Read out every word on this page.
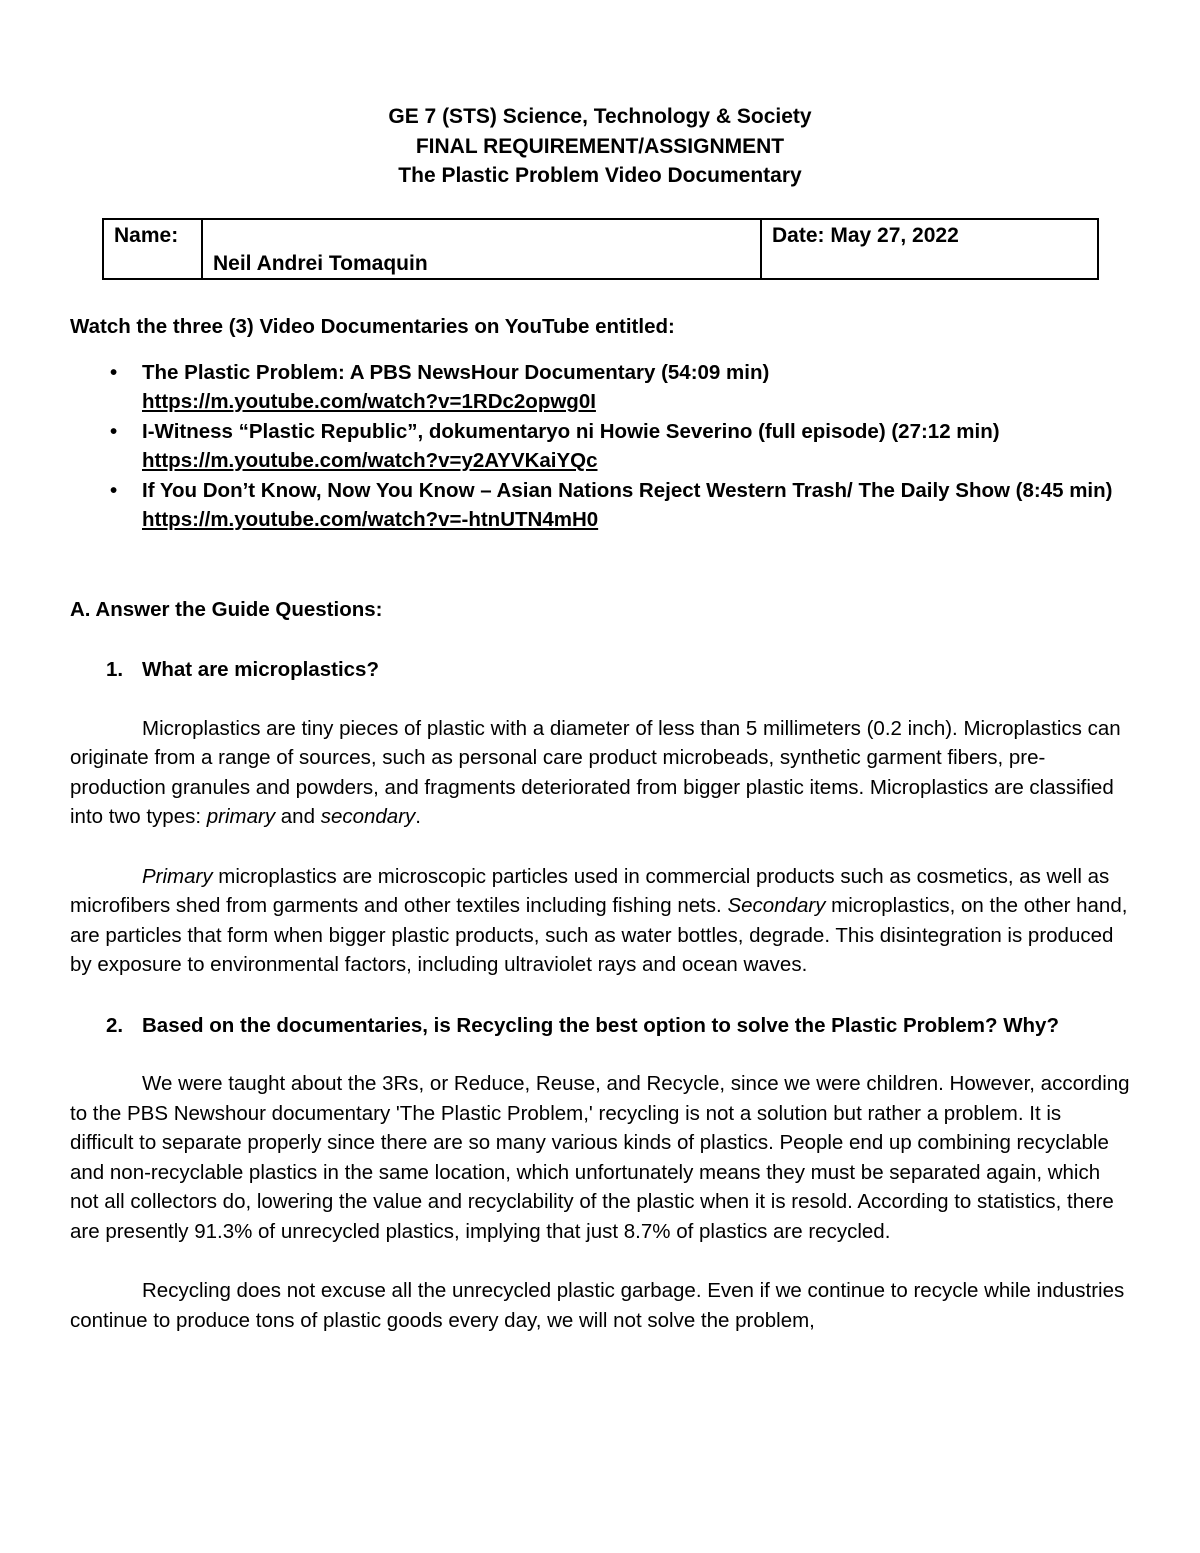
GE 7 (STS) Science, Technology & Society
FINAL REQUIREMENT/ASSIGNMENT
The Plastic Problem Video Documentary
Name:	
Neil Andrei Tomaquin
	Date: May 27, 2022

Watch the three (3) Video Documentaries on YouTube entitled:

• The Plastic Problem: A PBS NewsHour Documentary (54:09 min)
https://m.youtube.com/watch?v=1RDc2opwg0I
• I-Witness “Plastic Republic”, dokumentaryo ni Howie Severino (full episode) (27:12 min) https://m.youtube.com/watch?v=y2AYVKaiYQc
• If You Don’t Know, Now You Know – Asian Nations Reject Western Trash/ The Daily Show (8:45 min) https://m.youtube.com/watch?v=-htnUTN4mH0
A. Answer the Guide Questions:
1. What are microplastics?

Microplastics are tiny pieces of plastic with a diameter of less than 5 millimeters (0.2 inch). Microplastics can originate from a range of sources, such as personal care product microbeads, synthetic garment fibers, pre-production granules and powders, and fragments deteriorated from bigger plastic items. Microplastics are classified into two types: primary and secondary.

Primary microplastics are microscopic particles used in commercial products such as cosmetics, as well as microfibers shed from garments and other textiles including fishing nets. Secondary microplastics, on the other hand, are particles that form when bigger plastic products, such as water bottles, degrade. This disintegration is produced by exposure to environmental factors, including ultraviolet rays and ocean waves.

2. Based on the documentaries, is Recycling the best option to solve the Plastic Problem? Why?

We were taught about the 3Rs, or Reduce, Reuse, and Recycle, since we were children. However, according to the PBS Newshour documentary 'The Plastic Problem,' recycling is not a solution but rather a problem. It is difficult to separate properly since there are so many various kinds of plastics. People end up combining recyclable and non-recyclable plastics in the same location, which unfortunately means they must be separated again, which not all collectors do, lowering the value and recyclability of the plastic when it is resold. According to statistics, there are presently 91.3% of unrecycled plastics, implying that just 8.7% of plastics are recycled.

Recycling does not excuse all the unrecycled plastic garbage. Even if we continue to recycle while industries continue to produce tons of plastic goods every day, we will not solve the problem,
